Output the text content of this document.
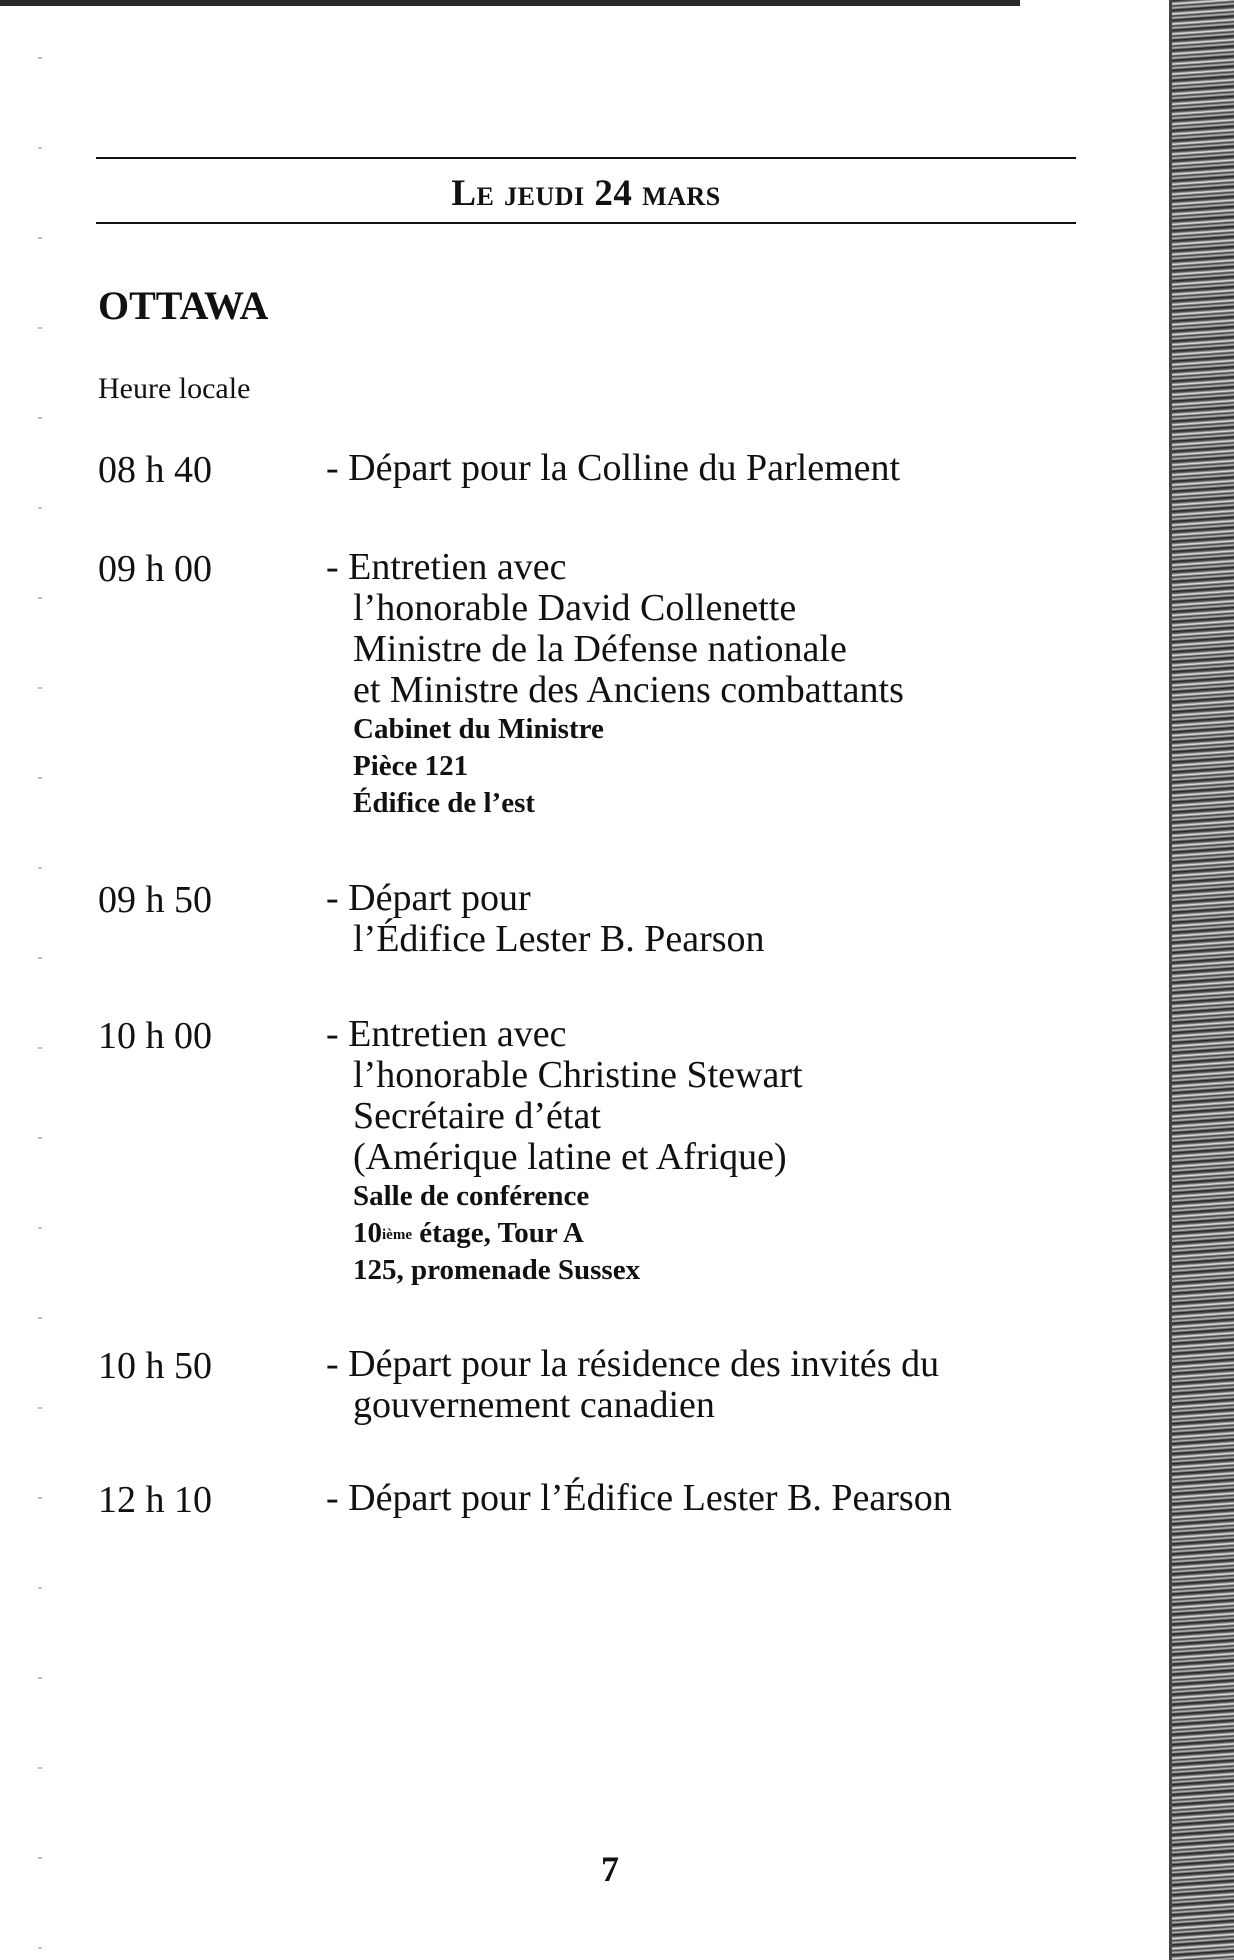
Le jeudi 24 mars
OTTAWA
Heure locale
08 h 40	- Départ pour la Colline du Parlement
09 h 00	- Entretien avec
l’honorable David Collenette
Ministre de la Défense nationale
et Ministre des Anciens combattants
Cabinet du Ministre
Pièce 121
Édifice de l’est
09 h 50	- Départ pour
l’Édifice Lester B. Pearson
10 h 00	- Entretien avec
l’honorable Christine Stewart
Secrétaire d’état
(Amérique latine et Afrique)
Salle de conférence
10ième étage, Tour A
125, promenade Sussex
10 h 50	- Départ pour la résidence des invités du
gouvernement canadien
12 h 10	- Départ pour l’Édifice Lester B. Pearson
7
